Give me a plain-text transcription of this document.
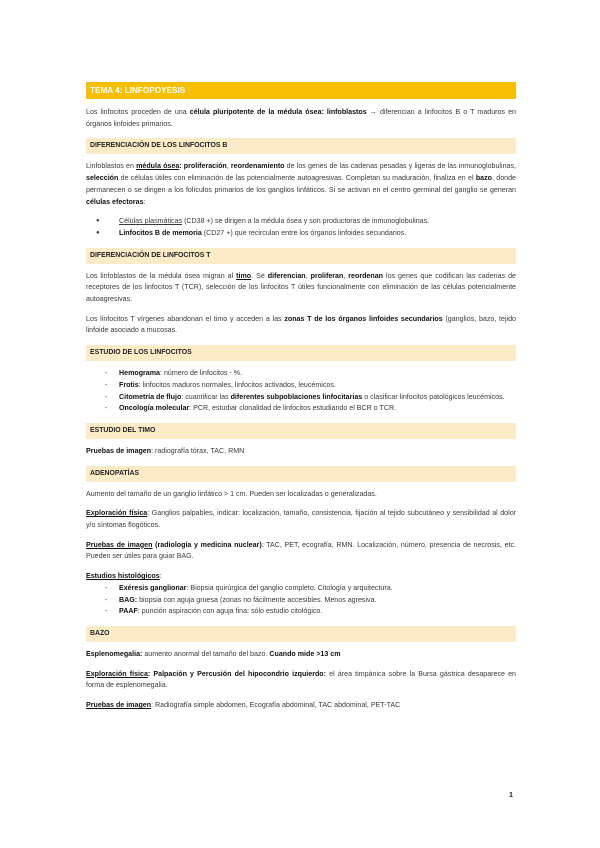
TEMA 4: LINFOPOYESIS

Los linfocitos proceden de una célula pluripotente de la médula ósea: linfoblastos → diferencian a linfocitos B o T maduros en órganos linfoides primarios.

DIFERENCIACIÓN DE LOS LINFOCITOS B

Linfoblastos en médula ósea: proliferación, reordenamiento de los genes de las cadenas pesadas y ligeras de las inmunoglobulinas, selección de células útiles con eliminación de las potencialmente autoagresivas. Completan su maduración, finaliza en el bazo, donde permanecen o se dirigen a los folículos primarios de los ganglios linfáticos. Si se activan en el centro germinal del ganglio se generan células efectoras:

●	Células plasmáticas (CD38 +) se dirigen a la médula ósea y son productoras de inmunoglobulinas.
●	Linfocitos B de memoria (CD27 +) que recirculan entre los órganos linfoides secundarios.
DIFERENCIACIÓN DE LINFOCITOS T

Los linfoblastos de la médula ósea migran al timo. Se diferencian, proliferan, reordenan los genes que codifican las cadenas de receptores de los linfocitos T (TCR), selección de los linfocitos T útiles funcionalmente con eliminación de las células potencialmente autoagresivas.

Los linfocitos T vírgenes abandonan el timo y acceden a las zonas T de los órganos linfoides secundarios (ganglios, bazo, tejido linfoide asociado a mucosas.

ESTUDIO DE LOS LINFOCITOS
- Hemograma: número de linfocitos - %.
- Frotis: linfocitos maduros normales, linfocitos activados, leucémicos.
- Citometría de flujo: cuantificar las diferentes subpoblaciones linfocitarias o clasificar linfocitos patológicos leucémicos.
- Oncología molecular: PCR, estudiar clonalidad de linfocitos estudiando el BCR o TCR.
ESTUDIO DEL TIMO

Pruebas de imagen: radiografía tórax, TAC, RMN

ADENOPATÍAS

Aumento del tamaño de un ganglio linfático > 1 cm. Pueden ser localizadas o generalizadas.

Exploración física: Ganglios palpables, indicar: localización, tamaño, consistencia, fijación al tejido subcutáneo y sensibilidad al dolor y/o síntomas flogóticos.

Pruebas de imagen (radiología y medicina nuclear): TAC, PET, ecografía, RMN. Localización, número, presencia de necrosis, etc. Pueden ser útiles para guiar BAG.

Estudios histológicos:

- Exéresis ganglionar: Biopsia quirúrgica del ganglio completo. Citología y arquitectura.
- BAG: biopsia con aguja gruesa (zonas no fácilmente accesibles. Menos agresiva.
- PAAF: punción aspiración con aguja fina: sólo estudio citológico.
BAZO

Esplenomegalia: aumento anormal del tamaño del bazo. Cuando mide >13 cm

Exploración física: Palpación y Percusión del hipocondrio izquierdo: el área timpánica sobre la Bursa gástrica desaparece en forma de esplenomegalia.

Pruebas de imagen: Radiografía simple abdomen, Ecografía abdominal, TAC abdominal, PET-TAC

1
